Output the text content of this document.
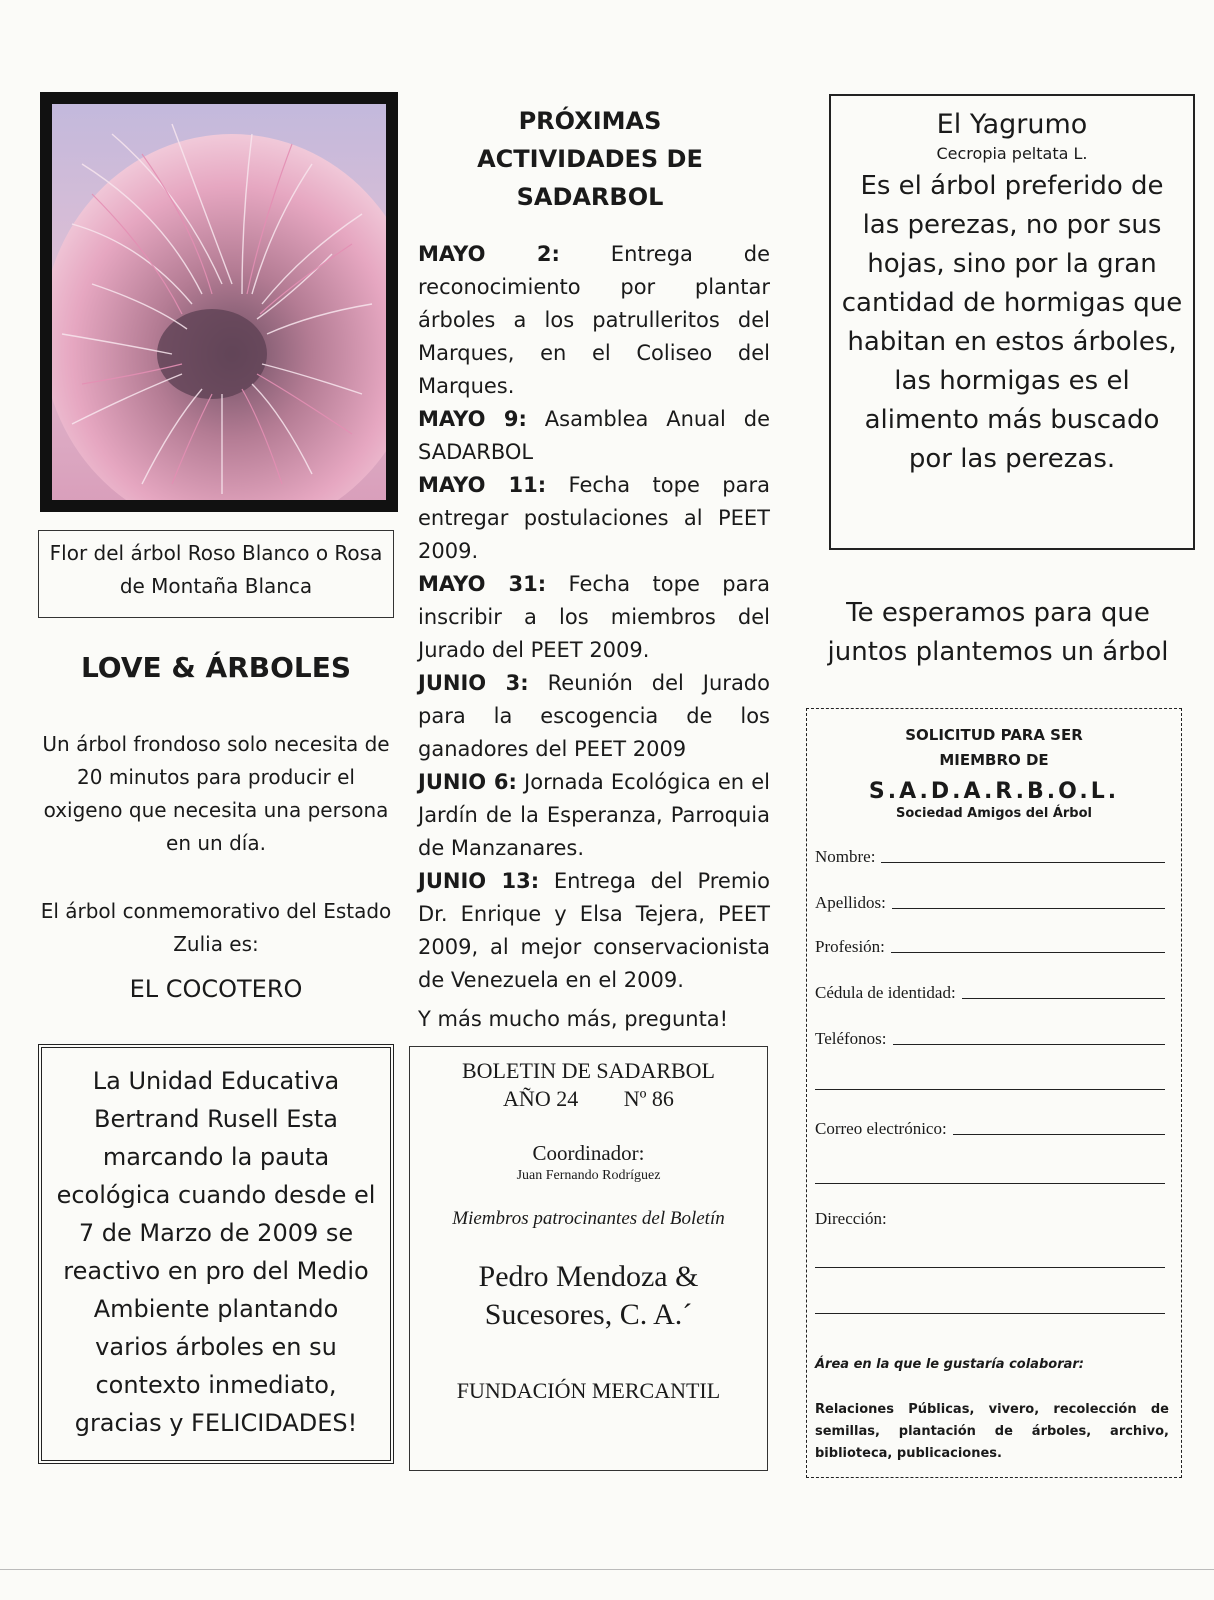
Flor del árbol Roso Blanco o Rosa de Montaña Blanca
LOVE & ÁRBOLES
Un árbol frondoso solo necesita de 20 minutos para producir el oxigeno que necesita una persona en un día.
El árbol conmemorativo del Estado Zulia es:
EL COCOTERO
La Unidad Educativa Bertrand Rusell Esta marcando la pauta ecológica cuando desde el 7 de Marzo de 2009 se reactivo en pro del Medio Ambiente plantando varios árboles en su contexto inmediato, gracias y FELICIDADES!
PRÓXIMAS
ACTIVIDADES DE
SADARBOL

MAYO 2: Entrega de reconocimiento por plantar árboles a los patrulleritos del Marques, en el Coliseo del Marques.

MAYO 9: Asamblea Anual de SADARBOL

MAYO 11: Fecha tope para entregar postulaciones al PEET 2009.

MAYO 31: Fecha tope para inscribir a los miembros del Jurado del PEET 2009.

JUNIO 3: Reunión del Jurado para la escogencia de los ganadores del PEET 2009

JUNIO 6: Jornada Ecológica en el Jardín de la Esperanza, Parroquia de Manzanares.

JUNIO 13: Entrega del Premio Dr. Enrique y Elsa Tejera, PEET 2009, al mejor conservacionista de Venezuela en el 2009.

Y más mucho más, pregunta!
BOLETIN DE SADARBOL
AÑO 24 Nº 86
Coordinador:
Juan Fernando Rodríguez
Miembros patrocinantes del Boletín
Pedro Mendoza &
Sucesores, C. A.´
FUNDACIÓN MERCANTIL
El Yagrumo
Cecropia peltata L.
Es el árbol preferido de las perezas, no por sus hojas, sino por la gran cantidad de hormigas que habitan en estos árboles, las hormigas es el alimento más buscado por las perezas.
Te esperamos para que juntos plantemos un árbol
SOLICITUD PARA SER
MIEMBRO DE
S.A.D.A.R.B.O.L.
Sociedad Amigos del Árbol
Nombre:
Apellidos:
Profesión:
Cédula de identidad:
Teléfonos:
Correo electrónico:
Dirección:
Área en la que le gustaría colaborar:
Relaciones Públicas, vivero, recolección de semillas, plantación de árboles, archivo, biblioteca, publicaciones.
